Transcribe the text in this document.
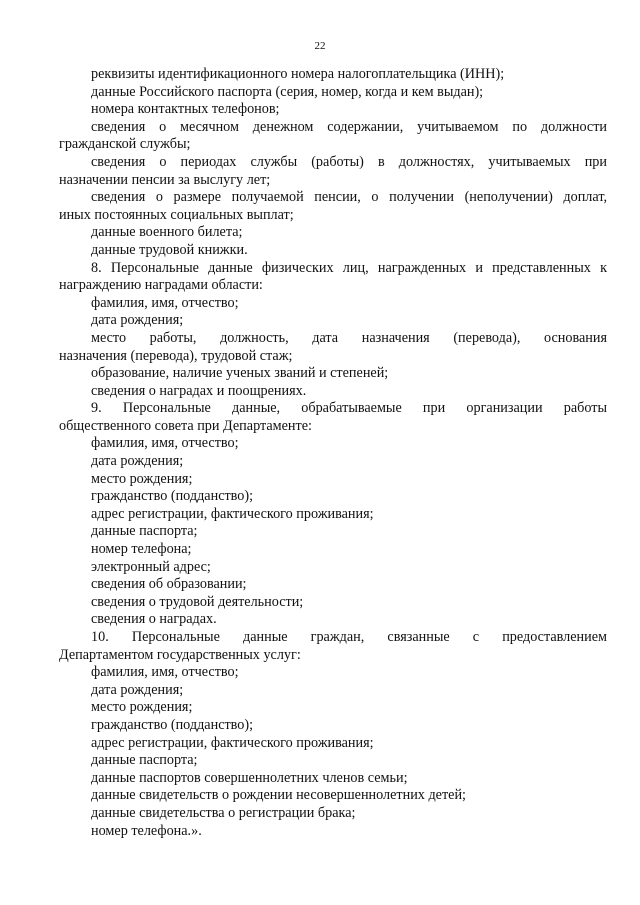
22
реквизиты идентификационного номера налогоплательщика (ИНН);
данные Российского паспорта (серия, номер, когда и кем выдан);
номера контактных телефонов;
сведения о месячном денежном содержании, учитываемом по должности
гражданской службы;
сведения о периодах службы (работы) в должностях, учитываемых при
назначении пенсии за выслугу лет;
сведения о размере получаемой пенсии, о получении (неполучении) доплат,
иных постоянных социальных выплат;
данные военного билета;
данные трудовой книжки.
8. Персональные данные физических лиц, награжденных и представленных к
награждению наградами области:
фамилия, имя, отчество;
дата рождения;
место работы, должность, дата назначения (перевода), основания
назначения (перевода), трудовой стаж;
образование, наличие ученых званий и степеней;
сведения о наградах и поощрениях.
9. Персональные данные, обрабатываемые при организации работы
общественного совета при Департаменте:
фамилия, имя, отчество;
дата рождения;
место рождения;
гражданство (подданство);
адрес регистрации, фактического проживания;
данные паспорта;
номер телефона;
электронный адрес;
сведения об образовании;
сведения о трудовой деятельности;
сведения о наградах.
10. Персональные данные граждан, связанные с предоставлением
Департаментом государственных услуг:
фамилия, имя, отчество;
дата рождения;
место рождения;
гражданство (подданство);
адрес регистрации, фактического проживания;
данные паспорта;
данные паспортов совершеннолетних членов семьи;
данные свидетельств о рождении несовершеннолетних детей;
данные свидетельства о регистрации брака;
номер телефона.».
